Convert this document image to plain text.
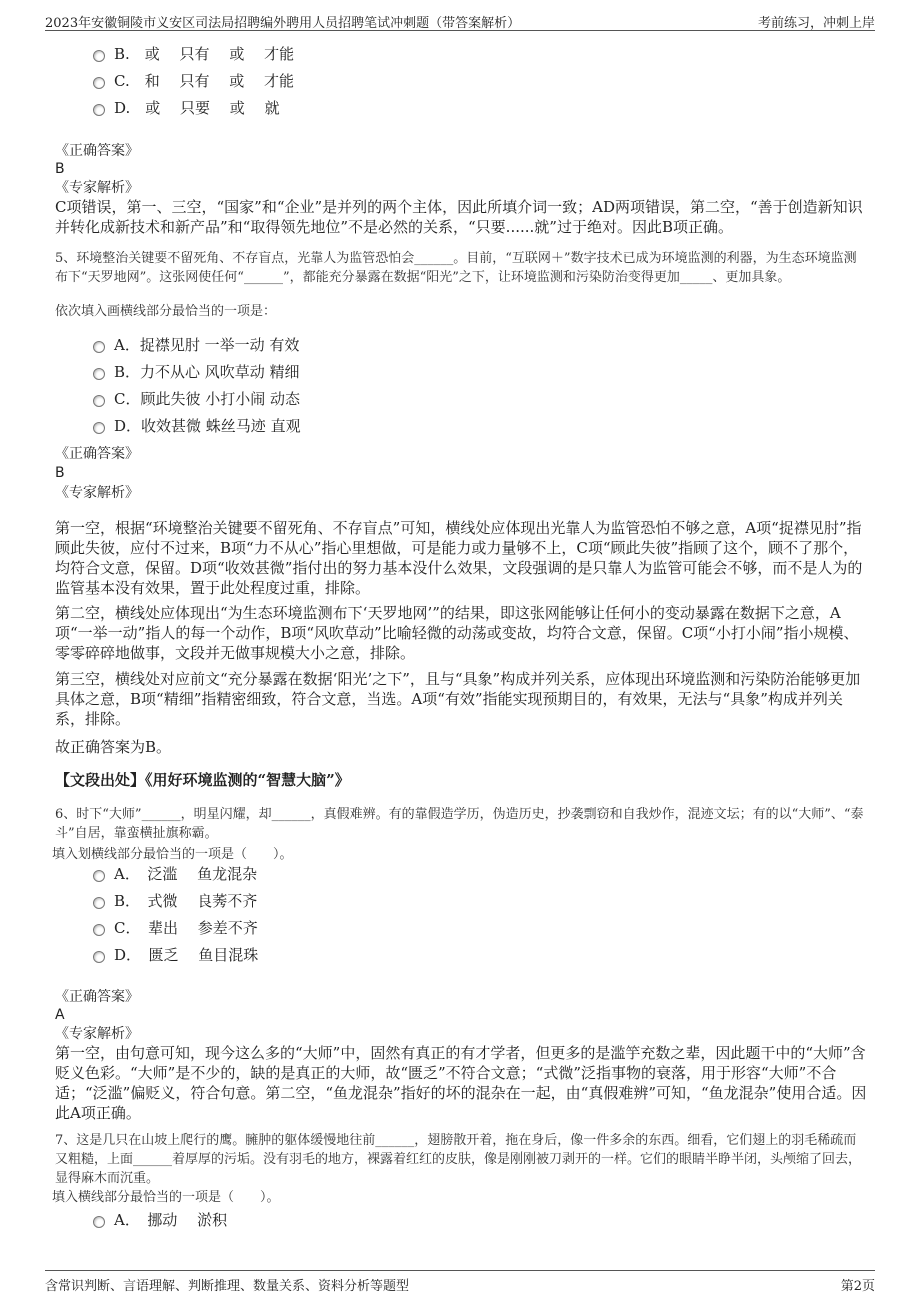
2023年安徽铜陵市义安区司法局招聘编外聘用人员招聘笔试冲刺题（带答案解析）	考前练习，冲刺上岸
B.　或　 只有　 或　 才能
C.　和　 只有　 或　 才能
D.　或　 只要　 或　 就
《正确答案》
B
《专家解析》
C项错误，第一、三空，“国家”和“企业”是并列的两个主体，因此所填介词一致；AD两项错误，第二空，“善于创造新知识并转化成新技术和新产品”和“取得领先地位”不是必然的关系，“只要......就”过于绝对。因此B项正确。
5、环境整治关键要不留死角、不存盲点，光靠人为监管恐怕会______。目前，“互联网＋”数字技术已成为环境监测的利器，为生态环境监测布下“天罗地网”。这张网使任何“______”，都能充分暴露在数据“阳光”之下，让环境监测和污染防治变得更加_____、更加具象。
依次填入画横线部分最恰当的一项是：
A．捉襟见肘 一举一动 有效
B．力不从心 风吹草动 精细
C．顾此失彼 小打小闹 动态
D．收效甚微 蛛丝马迹 直观
《正确答案》
B
《专家解析》
第一空，根据“环境整治关键要不留死角、不存盲点”可知，横线处应体现出光靠人为监管恐怕不够之意，A项“捉襟见肘”指顾此失彼，应付不过来，B项“力不从心”指心里想做，可是能力或力量够不上，C项“顾此失彼”指顾了这个，顾不了那个，均符合文意，保留。D项“收效甚微”指付出的努力基本没什么效果，文段强调的是只靠人为监管可能会不够，而不是人为的监管基本没有效果，置于此处程度过重，排除。
第二空，横线处应体现出“为生态环境监测布下‘天罗地网’”的结果，即这张网能够让任何小的变动暴露在数据下之意，A项“一举一动”指人的每一个动作，B项“风吹草动”比喻轻微的动荡或变故，均符合文意，保留。C项“小打小闹”指小规模、零零碎碎地做事，文段并无做事规模大小之意，排除。
第三空，横线处对应前文“充分暴露在数据‘阳光’之下”，且与“具象”构成并列关系，应体现出环境监测和污染防治能够更加具体之意，B项“精细”指精密细致，符合文意，当选。A项“有效”指能实现预期目的，有效果，无法与“具象”构成并列关系，排除。
故正确答案为B。
【文段出处】《用好环境监测的“智慧大脑”》
6、时下“大师”______，明星闪耀，却______，真假难辨。有的靠假造学历，伪造历史，抄袭剽窃和自我炒作，混迹文坛；有的以“大师”、“泰斗”自居，靠蛮横扯旗称霸。
填入划横线部分最恰当的一项是（　　）。
A．　泛滥　 鱼龙混杂
B．　式微　 良莠不齐
C．　辈出　 参差不齐
D．　匮乏　 鱼目混珠
《正确答案》
A
《专家解析》
第一空，由句意可知，现今这么多的“大师”中，固然有真正的有才学者，但更多的是滥竽充数之辈，因此题干中的“大师”含贬义色彩。“大师”是不少的，缺的是真正的大师，故“匮乏”不符合文意；“式微”泛指事物的衰落，用于形容“大师”不合适；“泛滥”偏贬义，符合句意。第二空，“鱼龙混杂”指好的坏的混杂在一起，由“真假难辨”可知，“鱼龙混杂”使用合适。因此A项正确。
7、这是几只在山坡上爬行的鹰。臃肿的躯体缓慢地往前______，翅膀散开着，拖在身后，像一件多余的东西。细看，它们翅上的羽毛稀疏而又粗糙，上面______着厚厚的污垢。没有羽毛的地方，裸露着红红的皮肤，像是刚刚被刀剥开的一样。它们的眼睛半睁半闭，头颅缩了回去，显得麻木而沉重。
填入横线部分最恰当的一项是（　　）。
A．　挪动　 淤积
含常识判断、言语理解、判断推理、数量关系、资料分析等题型	第2页
